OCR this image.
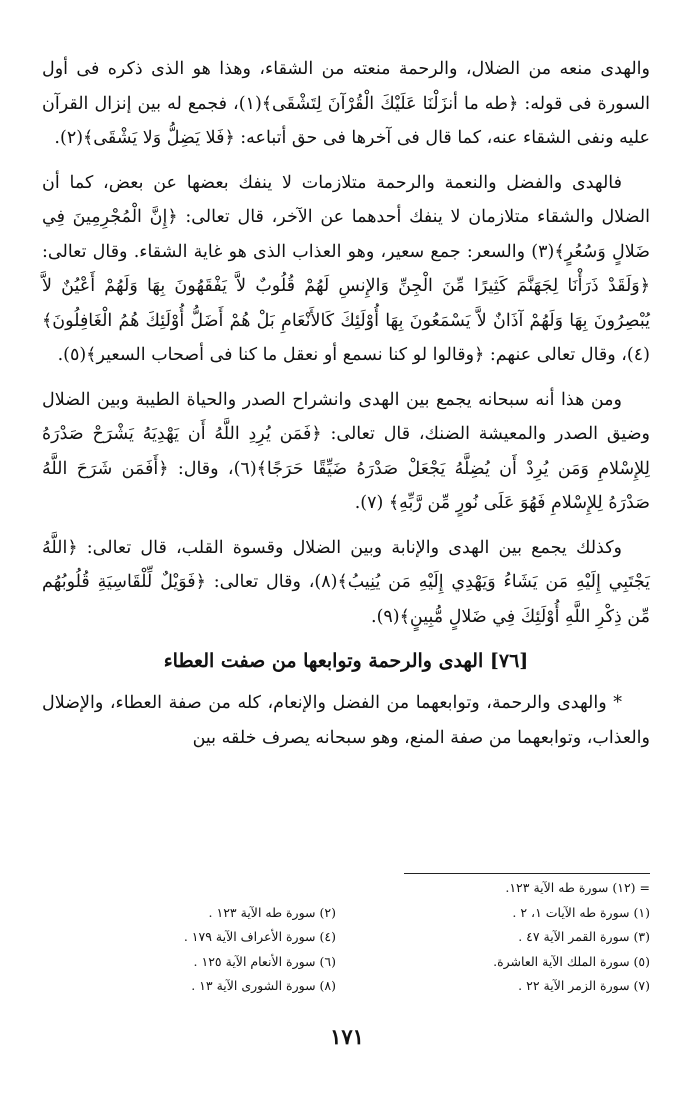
والهدى منعه من الضلال، والرحمة منعته من الشقاء، وهذا هو الذى ذكره فى أول السورة فى قوله: ﴿طه ما أنزَلْنَا عَلَيْكَ الْقُرْآنَ لِتَشْقَى﴾(١)، فجمع له بين إنزال القرآن عليه ونفى الشقاء عنه، كما قال فى آخرها فى حق أتباعه: ﴿فَلا يَضِلُّ وَلا يَشْقَى﴾(٢).

فالهدى والفضل والنعمة والرحمة متلازمات لا ينفك بعضها عن بعض، كما أن الضلال والشقاء متلازمان لا ينفك أحدهما عن الآخر، قال تعالى: ﴿إِنَّ الْمُجْرِمِينَ فِي ضَلالٍ وَسُعُرٍ﴾(٣) والسعر: جمع سعير، وهو العذاب الذى هو غاية الشقاء. وقال تعالى: ﴿وَلَقَدْ ذَرَأْنَا لِجَهَنَّمَ كَثِيرًا مِّنَ الْجِنِّ وَالإِنسِ لَهُمْ قُلُوبٌ لاَّ يَفْقَهُونَ بِهَا وَلَهُمْ أَعْيُنٌ لاَّ يُبْصِرُونَ بِهَا وَلَهُمْ آذَانٌ لاَّ يَسْمَعُونَ بِهَا أُوْلَئِكَ كَالأَنْعَامِ بَلْ هُمْ أَضَلُّ أُوْلَئِكَ هُمُ الْغَافِلُونَ﴾(٤)، وقال تعالى عنهم: ﴿وقالوا لو كنا نسمع أو نعقل ما كنا فى أصحاب السعير﴾(٥).

ومن هذا أنه سبحانه يجمع بين الهدى وانشراح الصدر والحياة الطيبة وبين الضلال وضيق الصدر والمعيشة الضنك، قال تعالى: ﴿فَمَن يُرِدِ اللَّهُ أَن يَهْدِيَهُ يَشْرَحْ صَدْرَهُ لِلإِسْلامِ وَمَن يُرِدْ أَن يُضِلَّهُ يَجْعَلْ صَدْرَهُ ضَيِّقًا حَرَجًا﴾(٦)، وقال: ﴿أَفَمَن شَرَحَ اللَّهُ صَدْرَهُ لِلإِسْلامِ فَهُوَ عَلَى نُورٍ مِّن رَّبِّهِ﴾ (٧).

وكذلك يجمع بين الهدى والإنابة وبين الضلال وقسوة القلب، قال تعالى: ﴿اللَّهُ يَجْتَبِي إِلَيْهِ مَن يَشَاءُ وَيَهْدِي إِلَيْهِ مَن يُنِيبُ﴾(٨)، وقال تعالى: ﴿فَوَيْلٌ لِّلْقَاسِيَةِ قُلُوبُهُم مِّن ذِكْرِ اللَّهِ أُوْلَئِكَ فِي ضَلالٍ مُّبِينٍ﴾(٩).

[٧٦] الهدى والرحمة وتوابعها من صفت العطاء

* والهدى والرحمة، وتوابعهما من الفضل والإنعام، كله من صفة العطاء، والإضلال والعذاب، وتوابعهما من صفة المنع، وهو سبحانه يصرف خلقه بين

= (١٢) سورة طه الآية ١٢٣.

(١) سورة طه الآيات ١، ٢ .
(٢) سورة طه الآية ١٢٣ .
(٣) سورة القمر الآية ٤٧ .
(٤) سورة الأعراف الآية ١٧٩ .
(٥) سورة الملك الآية العاشرة.
(٦) سورة الأنعام الآية ١٢٥ .
(٧) سورة الزمر الآية ٢٢ .
(٨) سورة الشورى الآية ١٣ .
١٧١
